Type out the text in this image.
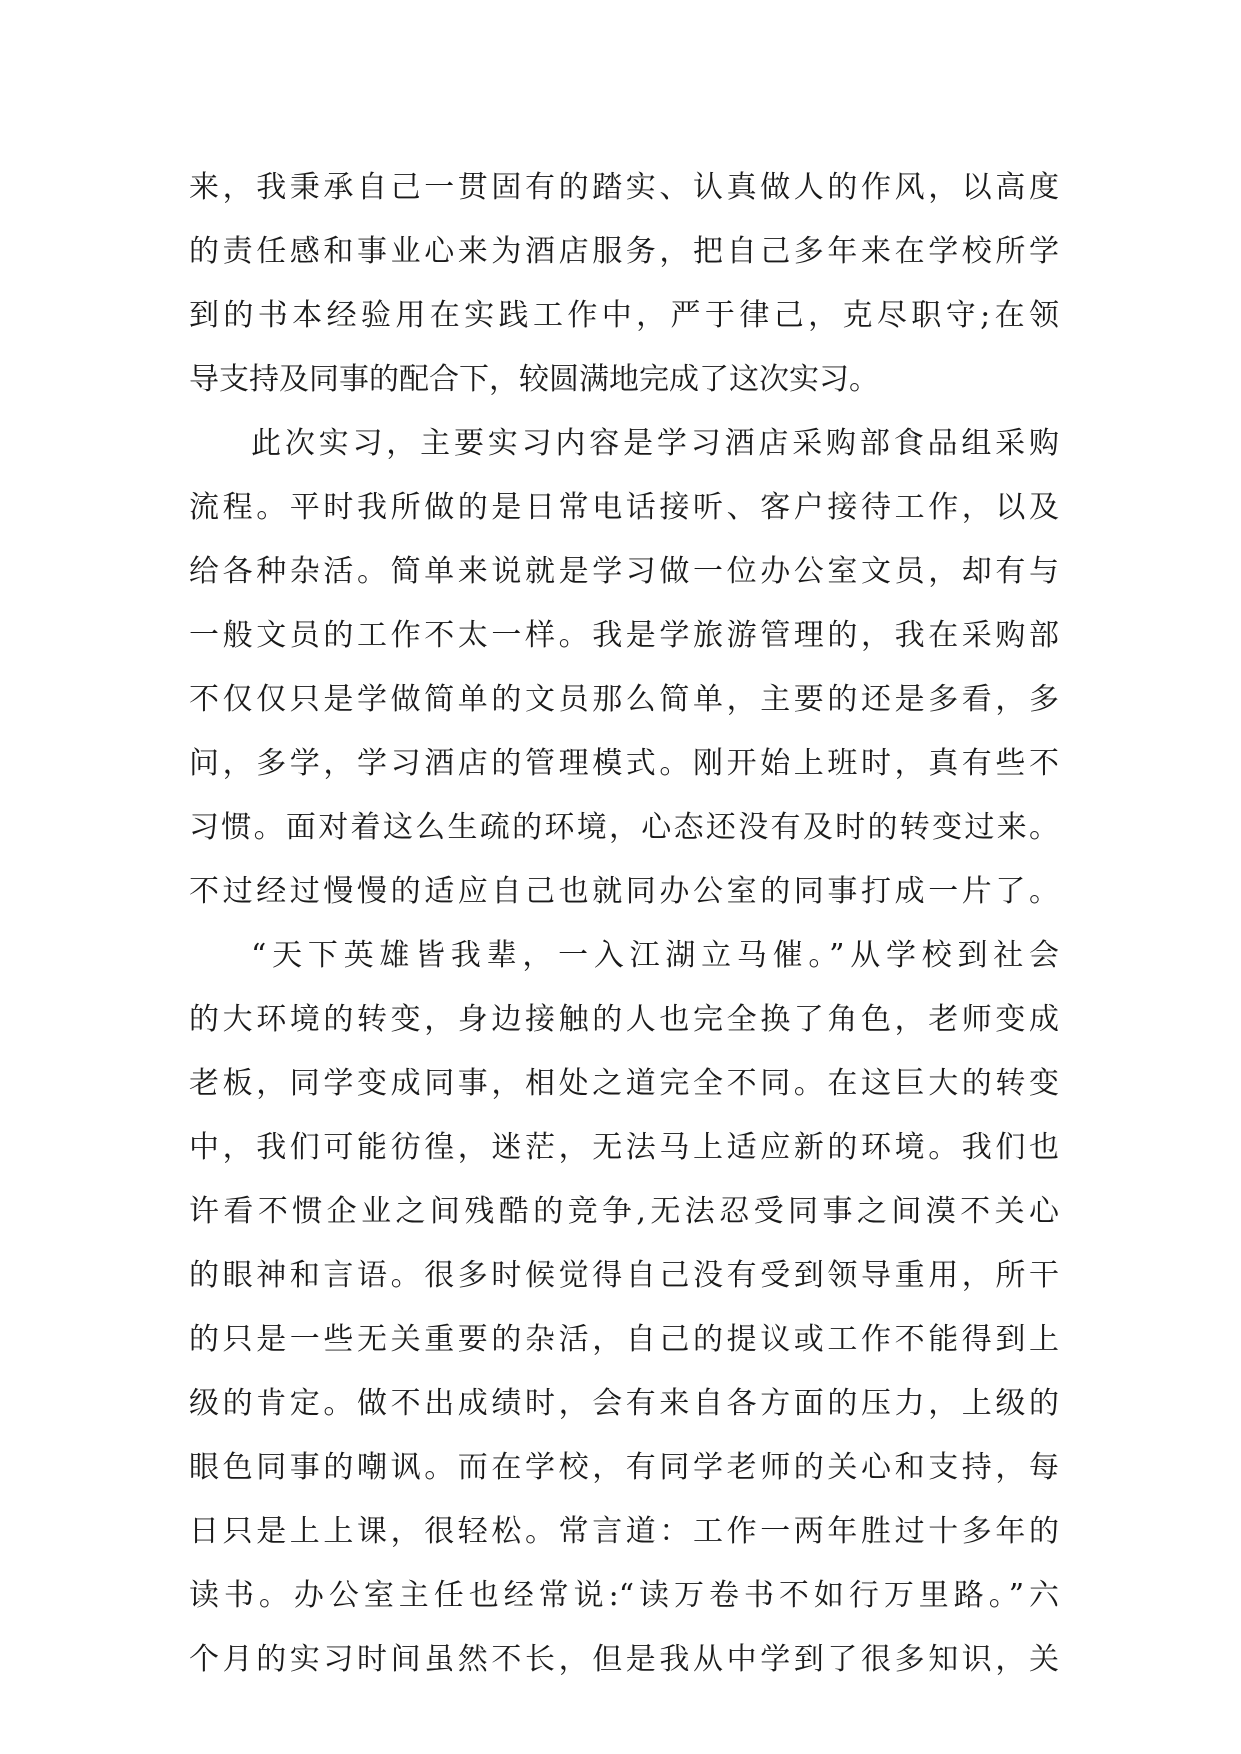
来，我秉承自己一贯固有的踏实、认真做人的作风，以高度
的责任感和事业心来为酒店服务，把自己多年来在学校所学
到的书本经验用在实践工作中，严于律己，克尽职守;在领
导支持及同事的配合下，较圆满地完成了这次实习。
此次实习，主要实习内容是学习酒店采购部食品组采购
流程。平时我所做的是日常电话接听、客户接待工作，以及
给各种杂活。简单来说就是学习做一位办公室文员，却有与
一般文员的工作不太一样。我是学旅游管理的，我在采购部
不仅仅只是学做简单的文员那么简单，主要的还是多看，多
问，多学，学习酒店的管理模式。刚开始上班时，真有些不
习惯。面对着这么生疏的环境，心态还没有及时的转变过来。
不过经过慢慢的适应自己也就同办公室的同事打成一片了。
“天下英雄皆我辈，一入江湖立马催。”从学校到社会
的大环境的转变，身边接触的人也完全换了角色，老师变成
老板，同学变成同事，相处之道完全不同。在这巨大的转变
中，我们可能彷徨，迷茫，无法马上适应新的环境。我们也
许看不惯企业之间残酷的竞争,无法忍受同事之间漠不关心
的眼神和言语。很多时候觉得自己没有受到领导重用，所干
的只是一些无关重要的杂活，自己的提议或工作不能得到上
级的肯定。做不出成绩时，会有来自各方面的压力，上级的
眼色同事的嘲讽。而在学校，有同学老师的关心和支持，每
日只是上上课，很轻松。常言道：工作一两年胜过十多年的
读书。办公室主任也经常说:“读万卷书不如行万里路。”六
个月的实习时间虽然不长，但是我从中学到了很多知识，关
